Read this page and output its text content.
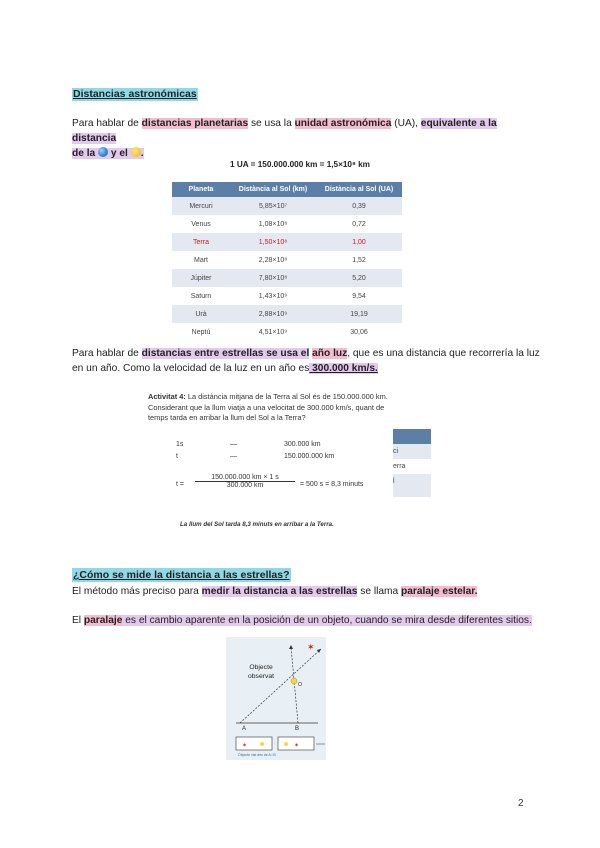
Distancias astronómicas

Para hablar de distancias planetarias se usa la unidad astronómica (UA), equivalente a la distancia

de la  y el .

1 UA = 150.000.000 km = 1,5×10⁸ km
Planeta	Distància al Sol (km)	Distància al Sol (UA)
Mercuri	5,85×10⁷	0,39
Venus	1,08×10⁸	0,72
Terra	1,50×10⁸	1,00
Mart	2,28×10⁸	1,52
Júpiter	7,80×10⁸	5,20
Saturn	1,43×10⁹	9,54
Urà	2,88×10⁹	19,19
Neptú	4,51×10⁹	30,06

Para hablar de distancias entre estrellas se usa el año luz, que es una distancia que recorrería la luz

en un año. Como la velocidad de la luz en un año es 300.000 km/s.

Activitat 4: La distància mitjana de la Terra al Sol és de 150.000.000 km.

Considerant que la llum viatja a una velocitat de 300.000 km/s, quant de

temps tarda en arribar la llum del Sol a la Terra?

1s	—	300.000 km
t	—	150.000.000 km
$t = \frac{150.000.000 km \times 1 s}{300.000 km} = 500$ s = 8,3 minuts
ci
erra
l
La llum del Sol tarda 8,3 minuts en arribar a la Terra.
¿Cómo se mide la distancia a las estrellas?

El método más preciso para medir la distancia a las estrellas se llama paralaje estelar.

El paralaje es el cambio aparente en la posición de un objeto, cuando se mira desde diferentes sitios.

✶
✶	✶
Objecte
observat
A	B
Objecte vist des de A i B
2
